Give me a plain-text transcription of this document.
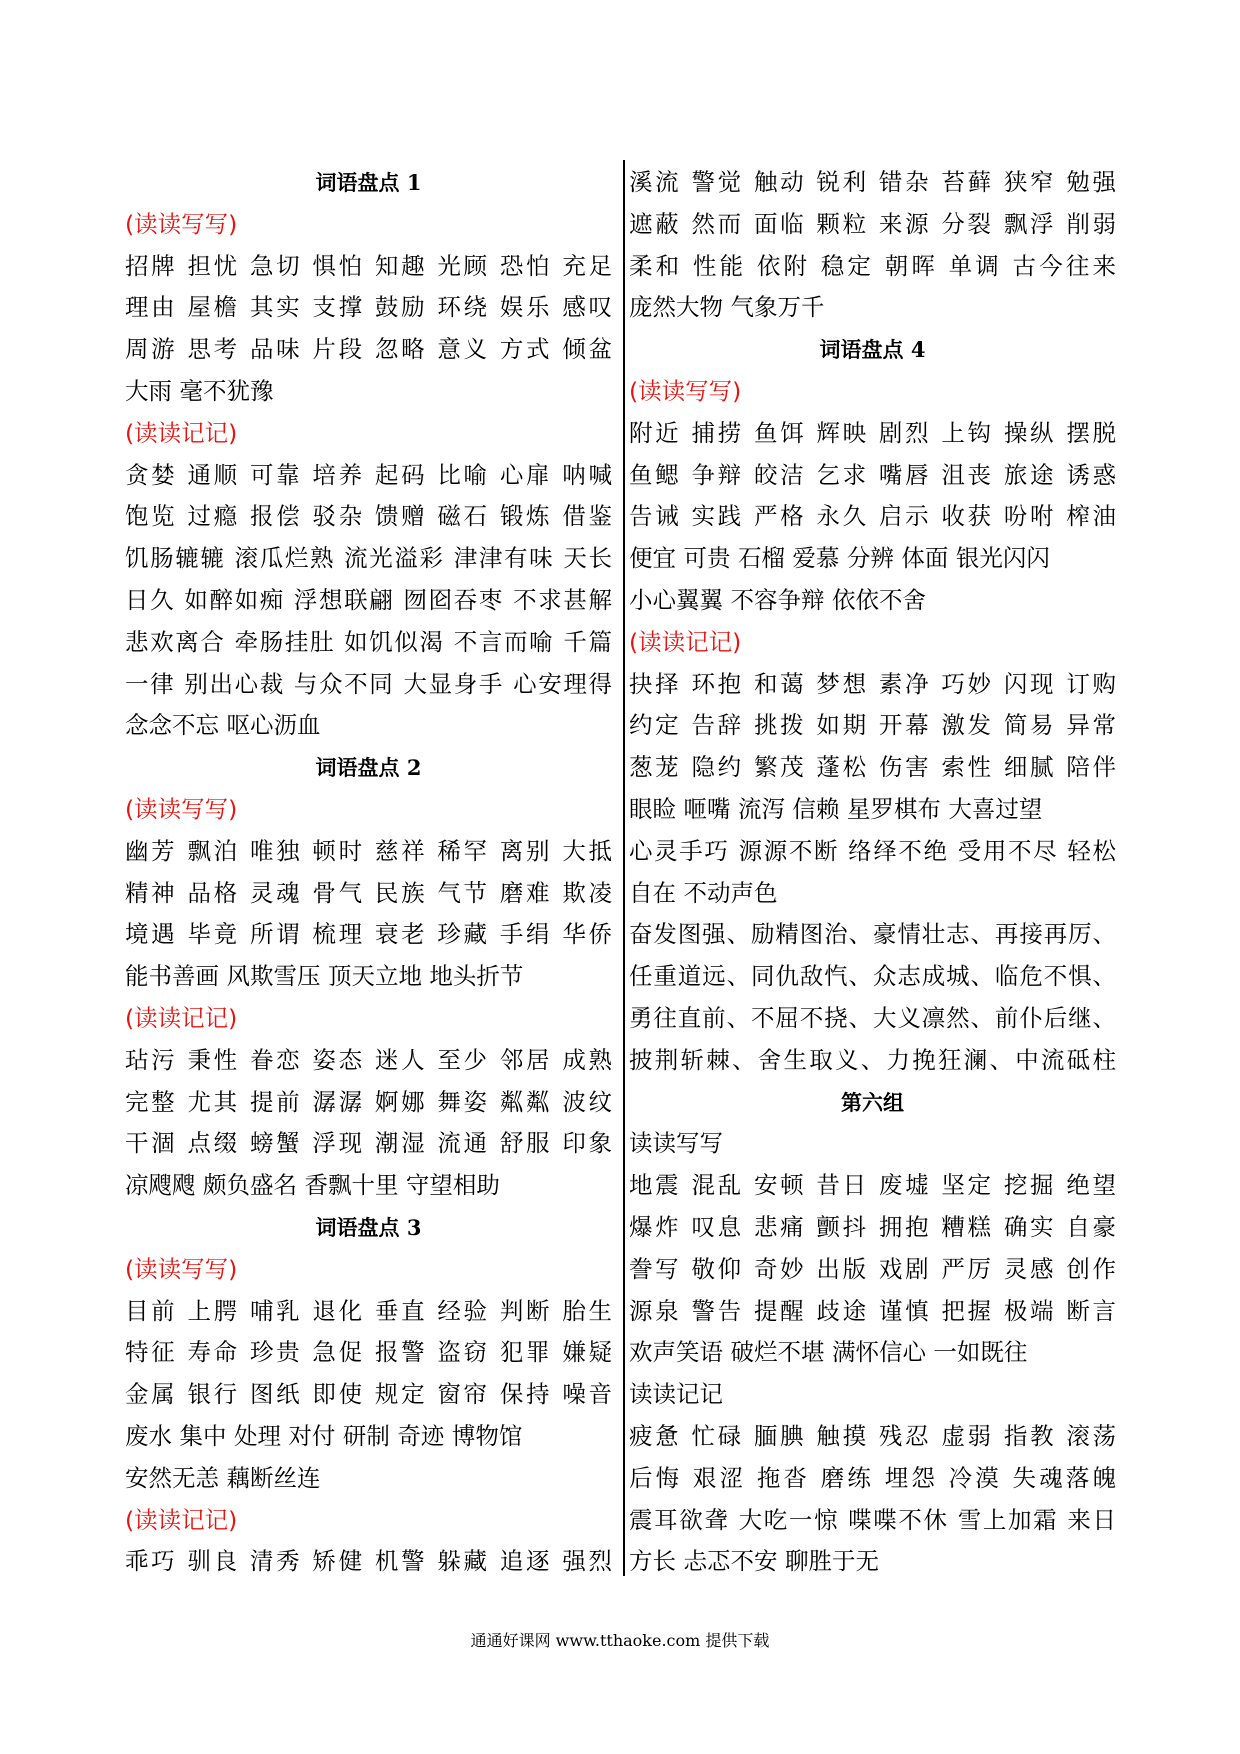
词语盘点 1
(读读写写)
招牌 担忧 急切 惧怕 知趣 光顾 恐怕 充足
理由 屋檐 其实 支撑 鼓励 环绕 娱乐 感叹
周游 思考 品味 片段 忽略 意义 方式 倾盆
大雨 毫不犹豫
(读读记记)
贪婪 通顺 可靠 培养 起码 比喻 心扉 呐喊
饱览 过瘾 报偿 驳杂 馈赠 磁石 锻炼 借鉴
饥肠辘辘 滚瓜烂熟 流光溢彩 津津有味 天长
日久 如醉如痴 浮想联翩 囫囵吞枣 不求甚解
悲欢离合 牵肠挂肚 如饥似渴 不言而喻 千篇
一律 别出心裁 与众不同 大显身手 心安理得
念念不忘 呕心沥血
词语盘点 2
(读读写写)
幽芳 飘泊 唯独 顿时 慈祥 稀罕 离别 大抵
精神 品格 灵魂 骨气 民族 气节 磨难 欺凌
境遇 毕竟 所谓 梳理 衰老 珍藏 手绢 华侨
能书善画 风欺雪压 顶天立地 地头折节
(读读记记)
玷污 秉性 眷恋 姿态 迷人 至少 邻居 成熟
完整 尤其 提前 潺潺 婀娜 舞姿 粼粼 波纹
干涸 点缀 螃蟹 浮现 潮湿 流通 舒服 印象
凉飕飕 颇负盛名 香飘十里 守望相助
词语盘点 3
(读读写写)
目前 上腭 哺乳 退化 垂直 经验 判断 胎生
特征 寿命 珍贵 急促 报警 盗窃 犯罪 嫌疑
金属 银行 图纸 即使 规定 窗帘 保持 噪音
废水 集中 处理 对付 研制 奇迹 博物馆
安然无恙 藕断丝连
(读读记记)
乖巧 驯良 清秀 矫健 机警 躲藏 追逐 强烈
溪流 警觉 触动 锐利 错杂 苔藓 狭窄 勉强
遮蔽 然而 面临 颗粒 来源 分裂 飘浮 削弱
柔和 性能 依附 稳定 朝晖 单调 古今往来
庞然大物 气象万千
词语盘点 4
(读读写写)
附近 捕捞 鱼饵 辉映 剧烈 上钩 操纵 摆脱
鱼鳃 争辩 皎洁 乞求 嘴唇 沮丧 旅途 诱惑
告诫 实践 严格 永久 启示 收获 吩咐 榨油
便宜 可贵 石榴 爱慕 分辨 体面 银光闪闪
小心翼翼 不容争辩 依依不舍
(读读记记)
抉择 环抱 和蔼 梦想 素净 巧妙 闪现 订购
约定 告辞 挑拨 如期 开幕 激发 简易 异常
葱茏 隐约 繁茂 蓬松 伤害 索性 细腻 陪伴
眼睑 咂嘴 流泻 信赖 星罗棋布 大喜过望
心灵手巧 源源不断 络绎不绝 受用不尽 轻松
自在 不动声色
奋发图强、励精图治、豪情壮志、再接再厉、
任重道远、同仇敌忾、众志成城、临危不惧、
勇往直前、不屈不挠、大义凛然、前仆后继、
披荆斩棘、舍生取义、力挽狂澜、中流砥柱
第六组
读读写写
地震 混乱 安顿 昔日 废墟 坚定 挖掘 绝望
爆炸 叹息 悲痛 颤抖 拥抱 糟糕 确实 自豪
誊写 敬仰 奇妙 出版 戏剧 严厉 灵感 创作
源泉 警告 提醒 歧途 谨慎 把握 极端 断言
欢声笑语 破烂不堪 满怀信心 一如既往
读读记记
疲惫 忙碌 腼腆 触摸 残忍 虚弱 指教 滚荡
后悔 艰涩 拖沓 磨练 埋怨 冷漠 失魂落魄
震耳欲聋 大吃一惊 喋喋不休 雪上加霜 来日
方长 忐忑不安 聊胜于无
通通好课网 www.tthaoke.com 提供下载
